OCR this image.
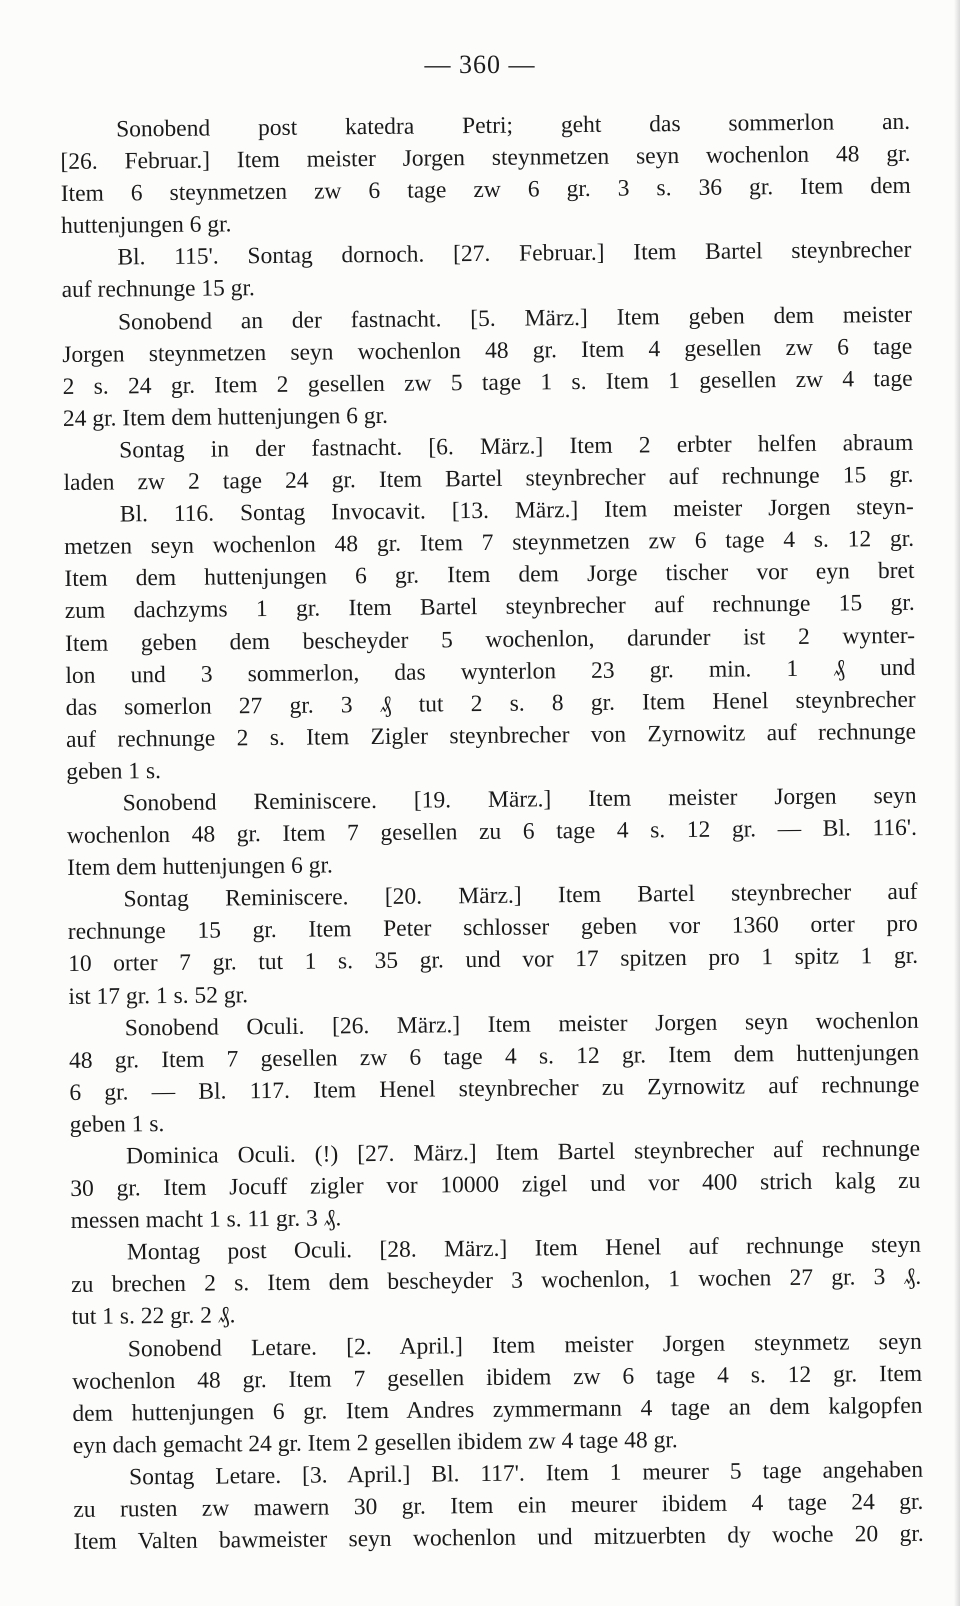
— 360 —
Sonobend post katedra Petri; geht das sommerlon an.
[26. Februar.] Item meister Jorgen steynmetzen seyn wochenlon 48 gr.
Item 6 steynmetzen zw 6 tage zw 6 gr. 3 s. 36 gr. Item dem
huttenjungen 6 gr.
Bl. 115'. Sontag dornoch. [27. Februar.] Item Bartel steynbrecher
auf rechnunge 15 gr.
Sonobend an der fastnacht. [5. März.] Item geben dem meister
Jorgen steynmetzen seyn wochenlon 48 gr. Item 4 gesellen zw 6 tage
2 s. 24 gr. Item 2 gesellen zw 5 tage 1 s. Item 1 gesellen zw 4 tage
24 gr. Item dem huttenjungen 6 gr.
Sontag in der fastnacht. [6. März.] Item 2 erbter helfen abraum
laden zw 2 tage 24 gr. Item Bartel steynbrecher auf rechnunge 15 gr.
Bl. 116. Sontag Invocavit. [13. März.] Item meister Jorgen steyn-
metzen seyn wochenlon 48 gr. Item 7 steynmetzen zw 6 tage 4 s. 12 gr.
Item dem huttenjungen 6 gr. Item dem Jorge tischer vor eyn bret
zum dachzyms 1 gr. Item Bartel steynbrecher auf rechnunge 15 gr.
Item geben dem bescheyder 5 wochenlon, darunder ist 2 wynter-
lon und 3 sommerlon, das wynterlon 23 gr. min. 1 ₰ und
das somerlon 27 gr. 3 ₰ tut 2 s. 8 gr. Item Henel steynbrecher
auf rechnunge 2 s. Item Zigler steynbrecher von Zyrnowitz auf rechnunge
geben 1 s.
Sonobend Reminiscere. [19. März.] Item meister Jorgen seyn
wochenlon 48 gr. Item 7 gesellen zu 6 tage 4 s. 12 gr. — Bl. 116'.
Item dem huttenjungen 6 gr.
Sontag Reminiscere. [20. März.] Item Bartel steynbrecher auf
rechnunge 15 gr. Item Peter schlosser geben vor 1360 orter pro
10 orter 7 gr. tut 1 s. 35 gr. und vor 17 spitzen pro 1 spitz 1 gr.
ist 17 gr. 1 s. 52 gr.
Sonobend Oculi. [26. März.] Item meister Jorgen seyn wochenlon
48 gr. Item 7 gesellen zw 6 tage 4 s. 12 gr. Item dem huttenjungen
6 gr. — Bl. 117. Item Henel steynbrecher zu Zyrnowitz auf rechnunge
geben 1 s.
Dominica Oculi. (!) [27. März.] Item Bartel steynbrecher auf rechnunge
30 gr. Item Jocuff zigler vor 10000 zigel und vor 400 strich kalg zu
messen macht 1 s. 11 gr. 3 ₰.
Montag post Oculi. [28. März.] Item Henel auf rechnunge steyn
zu brechen 2 s. Item dem bescheyder 3 wochenlon, 1 wochen 27 gr. 3 ₰.
tut 1 s. 22 gr. 2 ₰.
Sonobend Letare. [2. April.] Item meister Jorgen steynmetz seyn
wochenlon 48 gr. Item 7 gesellen ibidem zw 6 tage 4 s. 12 gr. Item
dem huttenjungen 6 gr. Item Andres zymmermann 4 tage an dem kalgopfen
eyn dach gemacht 24 gr. Item 2 gesellen ibidem zw 4 tage 48 gr.
Sontag Letare. [3. April.] Bl. 117'. Item 1 meurer 5 tage angehaben
zu rusten zw mawern 30 gr. Item ein meurer ibidem 4 tage 24 gr.
Item Valten bawmeister seyn wochenlon und mitzuerbten dy woche 20 gr.
